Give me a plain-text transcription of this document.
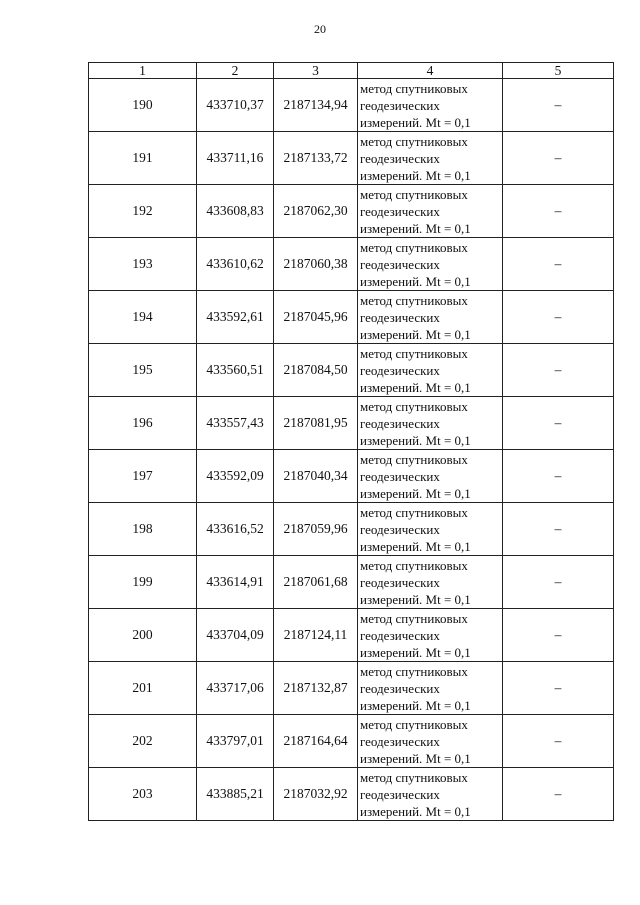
20
1	2	3	4	5
190	433710,37	2187134,94	метод спутниковых
геодезических
измерений. Mt = 0,1	–
191	433711,16	2187133,72	метод спутниковых
геодезических
измерений. Mt = 0,1	–
192	433608,83	2187062,30	метод спутниковых
геодезических
измерений. Mt = 0,1	–
193	433610,62	2187060,38	метод спутниковых
геодезических
измерений. Mt = 0,1	–
194	433592,61	2187045,96	метод спутниковых
геодезических
измерений. Mt = 0,1	–
195	433560,51	2187084,50	метод спутниковых
геодезических
измерений. Mt = 0,1	–
196	433557,43	2187081,95	метод спутниковых
геодезических
измерений. Mt = 0,1	–
197	433592,09	2187040,34	метод спутниковых
геодезических
измерений. Mt = 0,1	–
198	433616,52	2187059,96	метод спутниковых
геодезических
измерений. Mt = 0,1	–
199	433614,91	2187061,68	метод спутниковых
геодезических
измерений. Mt = 0,1	–
200	433704,09	2187124,11	метод спутниковых
геодезических
измерений. Mt = 0,1	–
201	433717,06	2187132,87	метод спутниковых
геодезических
измерений. Mt = 0,1	–
202	433797,01	2187164,64	метод спутниковых
геодезических
измерений. Mt = 0,1	–
203	433885,21	2187032,92	метод спутниковых
геодезических
измерений. Mt = 0,1	–
